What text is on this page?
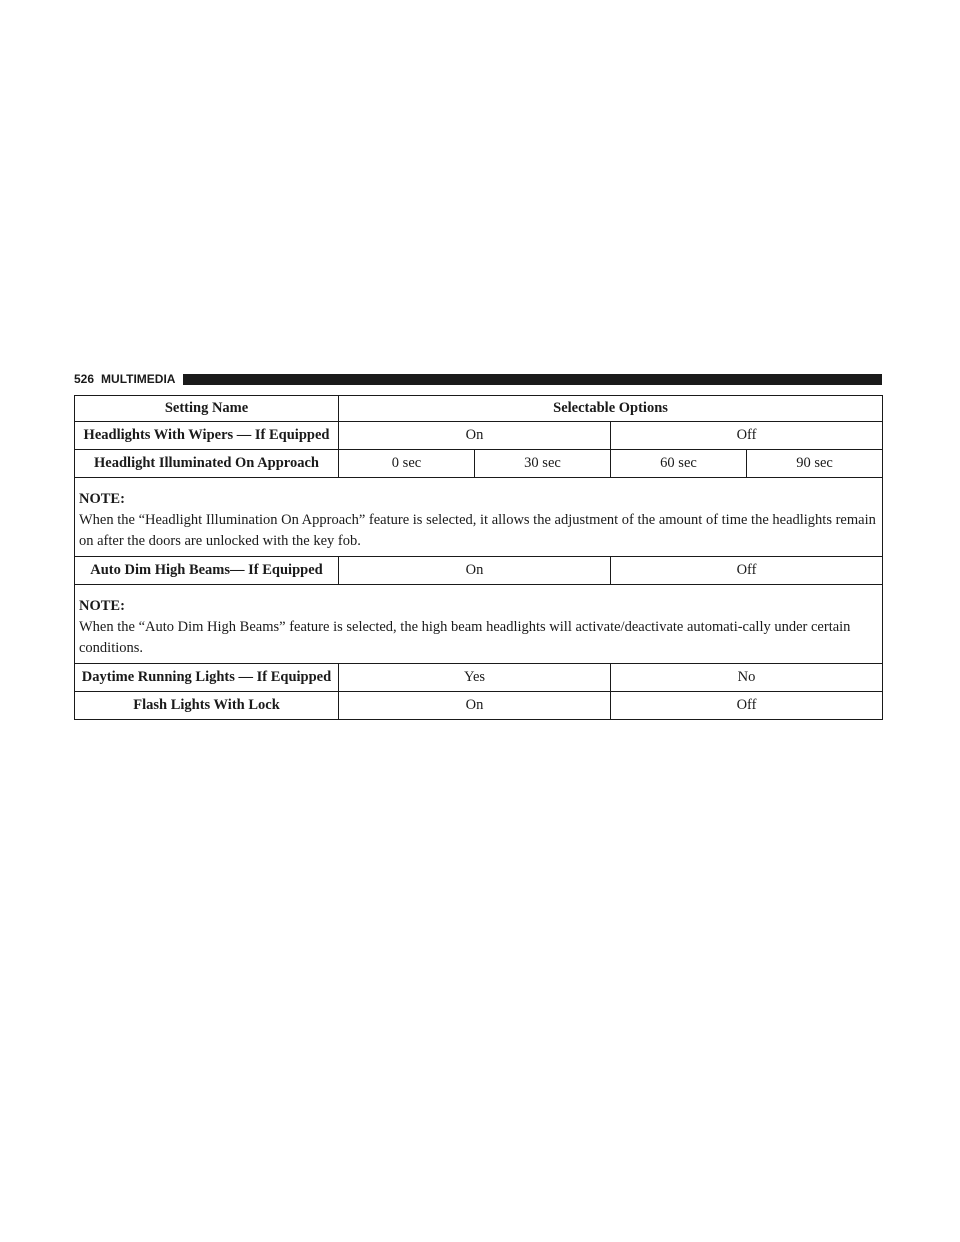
526 MULTIMEDIA
Setting Name	Selectable Options			
Headlights With Wipers — If Equipped	On		Off	
Headlight Illuminated On Approach	0 sec	30 sec	60 sec	90 sec

NOTE:
When the “Headlight Illumination On Approach” feature is selected, it allows the adjustment of the amount of time the headlights remain on after the doors are unlocked with the key fob.				
Auto Dim High Beams— If Equipped	On		Off	

NOTE:
When the “Auto Dim High Beams” feature is selected, the high beam headlights will activate/deactivate automati-cally under certain conditions.				
Daytime Running Lights — If Equipped	Yes		No	
Flash Lights With Lock	On		Off	
